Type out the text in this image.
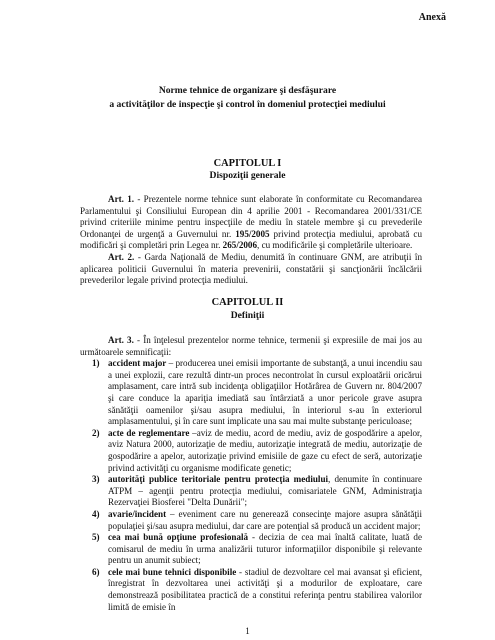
Anexă
Norme tehnice de organizare şi desfăşurare
a activităţilor de inspecţie şi control în domeniul protecţiei mediului
CAPITOLUL I
Dispoziţii generale

Art. 1. - Prezentele norme tehnice sunt elaborate în conformitate cu Recomandarea Parlamentului şi Consiliului European din 4 aprilie 2001 - Recomandarea 2001/331/CE privind criteriile minime pentru inspecţiile de mediu în statele membre şi cu prevederile Ordonanţei de urgenţă a Guvernului nr. 195/2005 privind protecţia mediului, aprobată cu modificări şi completări prin Legea nr. 265/2006, cu modificările şi completările ulterioare.

Art. 2. - Garda Naţională de Mediu, denumită în continuare GNM, are atribuţii în aplicarea politicii Guvernului în materia prevenirii, constatării şi sancţionării încălcării prevederilor legale privind protecţia mediului.

CAPITOLUL II
Definiţii

Art. 3. - În înţelesul prezentelor norme tehnice, termenii şi expresiile de mai jos au următoarele semnificaţii:

1) accident major – producerea unei emisii importante de substanţă, a unui incendiu sau a unei explozii, care rezultă dintr-un proces necontrolat în cursul exploatării oricărui amplasament, care intră sub incidenţa obligaţiilor Hotărârea de Guvern nr. 804/2007 şi care conduce la apariţia imediată sau întârziată a unor pericole grave asupra sănătăţii oamenilor şi/sau asupra mediului, în interiorul s-au în exteriorul amplasamentului, şi în care sunt implicate una sau mai multe substanţe periculoase;
2) acte de reglementare –aviz de mediu, acord de mediu, aviz de gospodărire a apelor, aviz Natura 2000, autorizaţie de mediu, autorizaţie integrată de mediu, autorizaţie de gospodărire a apelor, autorizaţie privind emisiile de gaze cu efect de seră, autorizaţie privind activităţi cu organisme modificate genetic;
3) autorităţi publice teritoriale pentru protecţia mediului, denumite în continuare ATPM – agenţii pentru protecţia mediului, comisariatele GNM, Administraţia Rezervaţiei Biosferei "Delta Dunării";
4) avarie/incident – eveniment care nu generează consecinţe majore asupra sănătăţii populaţiei şi/sau asupra mediului, dar care are potenţial să producă un accident major;
5) cea mai bună opţiune profesională - decizia de cea mai înaltă calitate, luată de comisarul de mediu în urma analizării tuturor informaţiilor disponibile şi relevante pentru un anumit subiect;
6) cele mai bune tehnici disponibile - stadiul de dezvoltare cel mai avansat şi eficient, înregistrat în dezvoltarea unei activităţi şi a modurilor de exploatare, care demonstrează posibilitatea practică de a constitui referinţa pentru stabilirea valorilor limită de emisie în
1
